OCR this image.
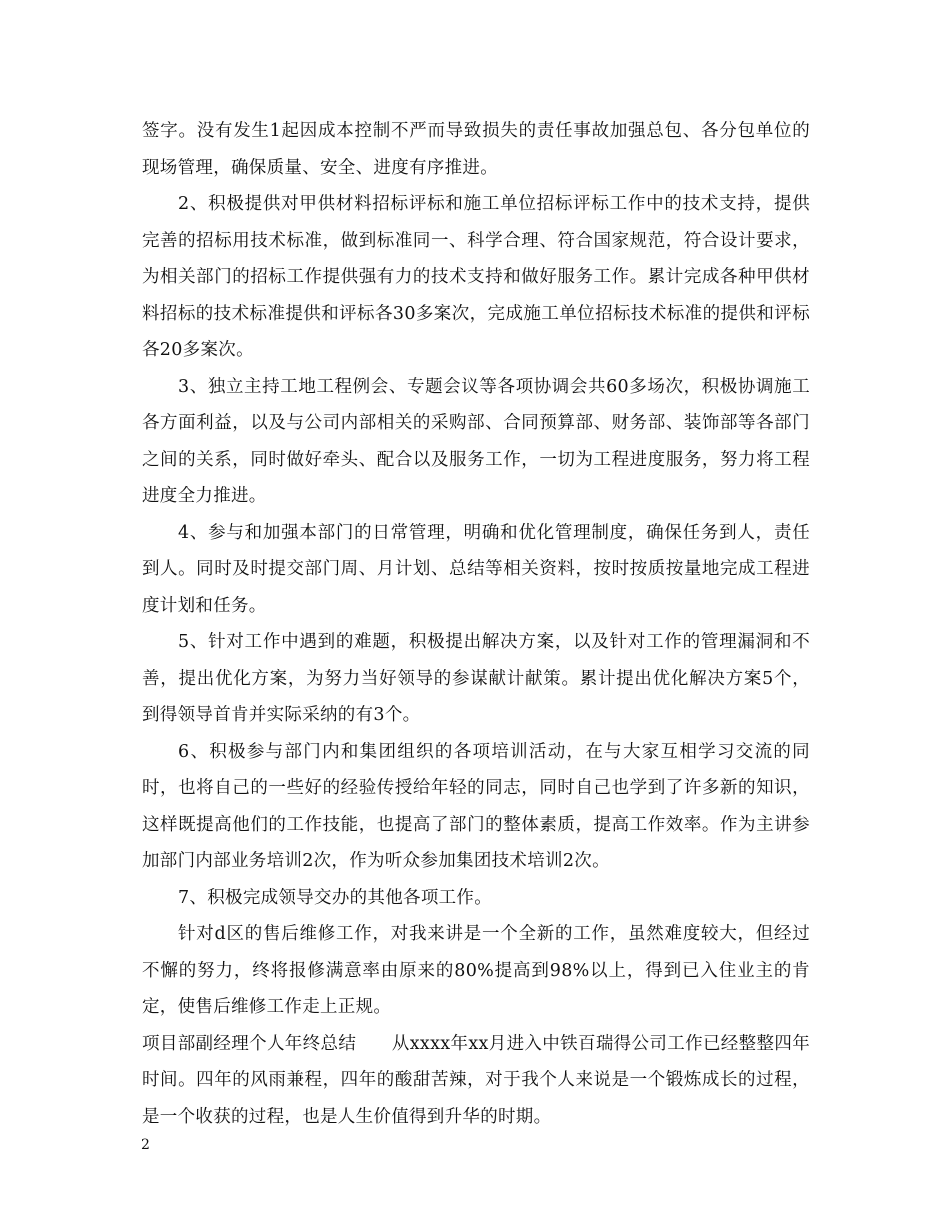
签字。没有发生1起因成本控制不严而导致损失的责任事故加强总包、各分包单位的现场管理，确保质量、安全、进度有序推进。

2、积极提供对甲供材料招标评标和施工单位招标评标工作中的技术支持，提供完善的招标用技术标准，做到标准同一、科学合理、符合国家规范，符合设计要求，为相关部门的招标工作提供强有力的技术支持和做好服务工作。累计完成各种甲供材料招标的技术标准提供和评标各30多案次，完成施工单位招标技术标准的提供和评标各20多案次。

3、独立主持工地工程例会、专题会议等各项协调会共60多场次，积极协调施工各方面利益，以及与公司内部相关的采购部、合同预算部、财务部、装饰部等各部门之间的关系，同时做好牵头、配合以及服务工作，一切为工程进度服务，努力将工程进度全力推进。

4、参与和加强本部门的日常管理，明确和优化管理制度，确保任务到人，责任到人。同时及时提交部门周、月计划、总结等相关资料，按时按质按量地完成工程进度计划和任务。

5、针对工作中遇到的难题，积极提出解决方案，以及针对工作的管理漏洞和不善，提出优化方案，为努力当好领导的参谋献计献策。累计提出优化解决方案5个，到得领导首肯并实际采纳的有3个。

6、积极参与部门内和集团组织的各项培训活动，在与大家互相学习交流的同时，也将自己的一些好的经验传授给年轻的同志，同时自己也学到了许多新的知识，这样既提高他们的工作技能，也提高了部门的整体素质，提高工作效率。作为主讲参加部门内部业务培训2次，作为听众参加集团技术培训2次。

7、积极完成领导交办的其他各项工作。

针对d区的售后维修工作，对我来讲是一个全新的工作，虽然难度较大，但经过不懈的努力，终将报修满意率由原来的80%提高到98%以上，得到已入住业主的肯定，使售后维修工作走上正规。

项目部副经理个人年终总结　　从xxxx年xx月进入中铁百瑞得公司工作已经整整四年时间。四年的风雨兼程，四年的酸甜苦辣，对于我个人来说是一个锻炼成长的过程，是一个收获的过程，也是人生价值得到升华的时期。

2
